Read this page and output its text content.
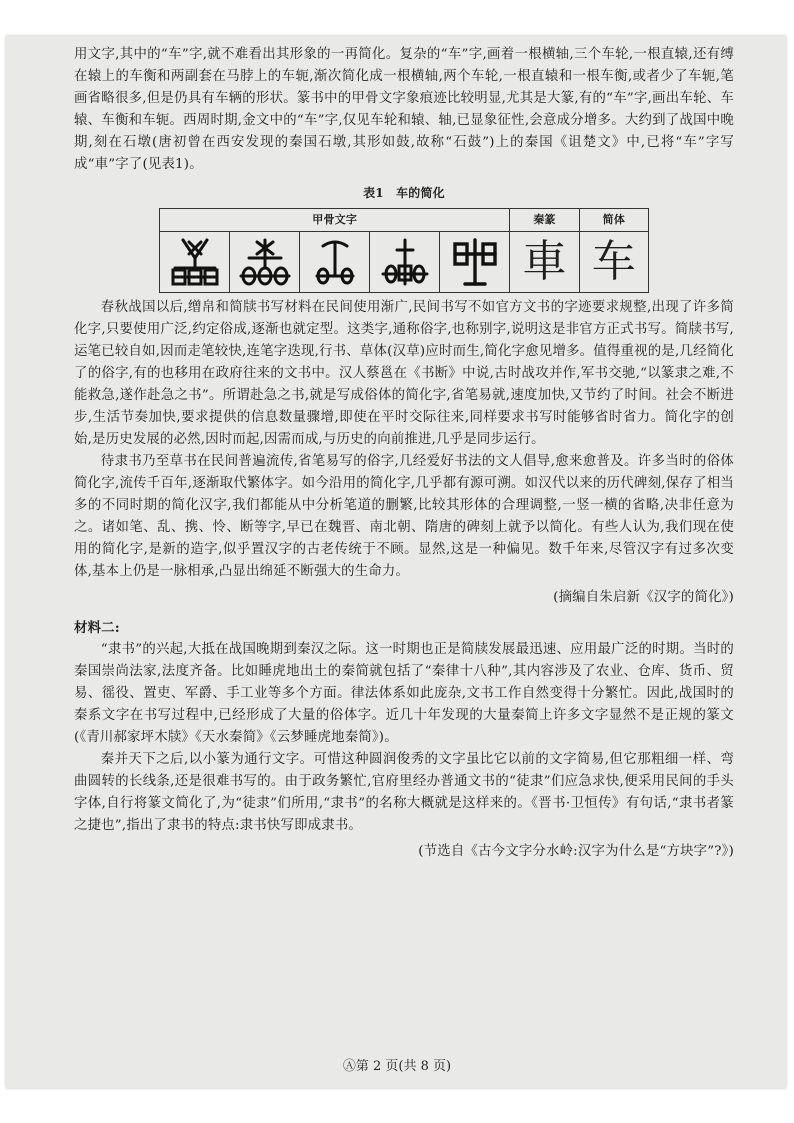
用文字,其中的“车”字,就不难看出其形象的一再简化。复杂的“车”字,画着一根横轴,三个车轮,一根直辕,还有缚在辕上的车衡和两副套在马脖上的车轭,渐次简化成一根横轴,两个车轮,一根直辕和一根车衡,或者少了车轭,笔画省略很多,但是仍具有车辆的形状。篆书中的甲骨文字象痕迹比较明显,尤其是大篆,有的“车”字,画出车轮、车辕、车衡和车轭。西周时期,金文中的“车”字,仅见车轮和辕、轴,已显象征性,会意成分增多。大约到了战国中晚期,刻在石墩(唐初曾在西安发现的秦国石墩,其形如鼓,故称“石鼓”)上的秦国《诅楚文》中,已将“车”字写成“車”字了(见表1)。

表1　车的简化
甲骨文字					秦篆	简体

	車	车

春秋战国以后,缯帛和简牍书写材料在民间使用渐广,民间书写不如官方文书的字迹要求规整,出现了许多简化字,只要使用广泛,约定俗成,逐渐也就定型。这类字,通称俗字,也称别字,说明这是非官方正式书写。简牍书写,运笔已较自如,因而走笔较快,连笔字迭现,行书、草体(汉草)应时而生,简化字愈见增多。值得重视的是,几经简化了的俗字,有的也移用在政府往来的文书中。汉人蔡邕在《书断》中说,古时战攻并作,军书交驰,“以篆隶之难,不能救急,遂作赴急之书”。所谓赴急之书,就是写成俗体的简化字,省笔易就,速度加快,又节约了时间。社会不断进步,生活节奏加快,要求提供的信息数量骤增,即使在平时交际往来,同样要求书写时能够省时省力。简化字的创始,是历史发展的必然,因时而起,因需而成,与历史的向前推进,几乎是同步运行。

待隶书乃至草书在民间普遍流传,省笔易写的俗字,几经爱好书法的文人倡导,愈来愈普及。许多当时的俗体简化字,流传千百年,逐渐取代繁体字。如今沿用的简化字,几乎都有源可溯。如汉代以来的历代碑刻,保存了相当多的不同时期的简化汉字,我们都能从中分析笔道的删繁,比较其形体的合理调整,一竖一横的省略,决非任意为之。诸如笔、乱、携、怜、断等字,早已在魏晋、南北朝、隋唐的碑刻上就予以简化。有些人认为,我们现在使用的简化字,是新的造字,似乎置汉字的古老传统于不顾。显然,这是一种偏见。数千年来,尽管汉字有过多次变体,基本上仍是一脉相承,凸显出绵延不断强大的生命力。

(摘编自朱启新《汉字的简化》)
材料二:

“隶书”的兴起,大抵在战国晚期到秦汉之际。这一时期也正是简牍发展最迅速、应用最广泛的时期。当时的秦国崇尚法家,法度齐备。比如睡虎地出土的秦简就包括了“秦律十八种”,其内容涉及了农业、仓库、货币、贸易、徭役、置吏、军爵、手工业等多个方面。律法体系如此庞杂,文书工作自然变得十分繁忙。因此,战国时的秦系文字在书写过程中,已经形成了大量的俗体字。近几十年发现的大量秦简上许多文字显然不是正规的篆文(《青川郝家坪木牍》《天水秦简》《云梦睡虎地秦简》)。

秦并天下之后,以小篆为通行文字。可惜这种圆润俊秀的文字虽比它以前的文字简易,但它那粗细一样、弯曲圆转的长线条,还是很难书写的。由于政务繁忙,官府里经办普通文书的“徒隶”们应急求快,便采用民间的手头字体,自行将篆文简化了,为“徒隶”们所用,“隶书”的名称大概就是这样来的。《晋书·卫恒传》有句话,“隶书者篆之捷也”,指出了隶书的特点:隶书快写即成隶书。

(节选自《古今文字分水岭:汉字为什么是“方块字”?》)
Ⓐ第 2 页(共 8 页)
